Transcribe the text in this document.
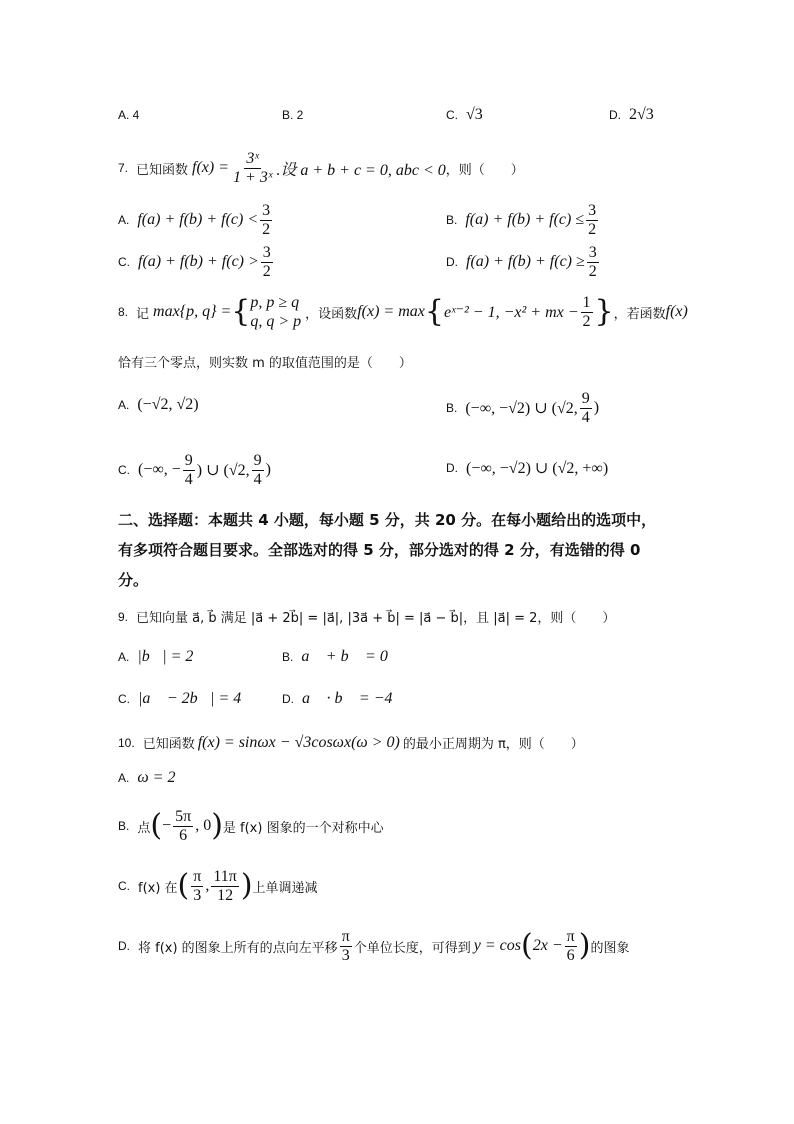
A. 4	B. 2	C. √3	D. 2√3
7. 已知函数 $f(x) = \frac{\text{3ˣ}}{\text{1 + 3ˣ}}$ .设 a + b + c = 0, abc < 0 ，则（　　）
A. $f(a) + f(b) + f(c) < \frac{3}{2}$	B. $f(a) + f(b) + f(c) \le \frac{3}{2}$
C. $f(a) + f(b) + f(c) > \frac{3}{2}$	D. $f(a) + f(b) + f(c) \ge \frac{3}{2}$
8. 记 max{p, q} = { p, p ≥ q
q, q > p ，设函数 f(x) = max { eˣ⁻² − 1, −x² + mx − $\frac{1}{2}$ } ，若函数 f(x)
恰有三个零点，则实数 m 的取值范围的是（　　）
A. (−√2, √2)	B. (−∞, −√2) ∪ (√2, $\frac{9}{4}$ )
C. (−∞, − $\frac{9}{4}$ ) ∪ (√2, $\frac{9}{4}$ )	D. (−∞, −√2) ∪ (√2, +∞)
二、选择题：本题共 4 小题，每小题 5 分，共 20 分。在每小题给出的选项中，
有多项符合题目要求。全部选对的得 5 分，部分选对的得 2 分，有选错的得 0
分。
9. 已知向量 a⃗, b⃗ 满足 |a⃗ + 2b⃗| = |a⃗|, |3a⃗ + b⃗| = |a⃗ − b⃗|，且 |a⃗| = 2，则（　　）
A. |b⃗| = 2	B. a⃗ + b⃗ = 0⃗
C. |a⃗ − 2b⃗| = 4	D. a⃗ · b⃗ = −4
10. 已知函数 f(x) = sinωx − √3cosωx(ω > 0) 的最小正周期为 π，则（　　）
A. ω = 2
B. 点 ( − $\frac{5\pi}{6}$ , 0 ) 是 f(x) 图象的一个对称中心
C. f(x) 在 ( $\frac{\pi}{3}$ , $\frac{11\pi}{12}$ ) 上单调递减
D. 将 f(x) 的图象上所有的点向左平移 $\frac{\pi}{3}$ 个单位长度，可得到 y = cos ( $2x - \frac{\pi}{6}$ ) 的图象
